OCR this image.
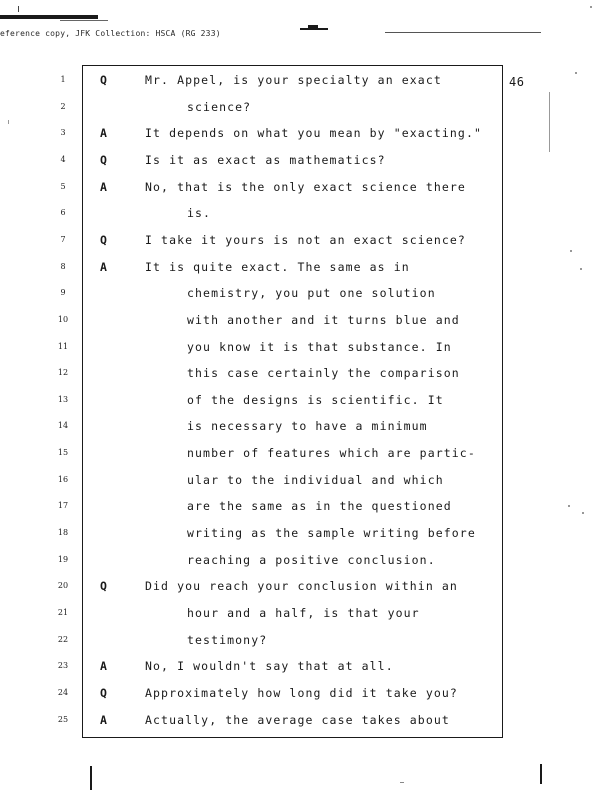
eference copy, JFK Collection: HSCA (RG 233)
46
1	Q	Mr. Appel, is your specialty an exact
2	science?
3	A	It depends on what you mean by "exacting."
4	Q	Is it as exact as mathematics?
5	A	No, that is the only exact science there
6	is.
7	Q	I take it yours is not an exact science?
8	A	It is quite exact. The same as in
9	chemistry, you put one solution
10	with another and it turns blue and
11	you know it is that substance. In
12	this case certainly the comparison
13	of the designs is scientific. It
14	is necessary to have a minimum
15	number of features which are partic-
16	ular to the individual and which
17	are the same as in the questioned
18	writing as the sample writing before
19	reaching a positive conclusion.
20	Q	Did you reach your conclusion within an
21	hour and a half, is that your
22	testimony?
23	A	No, I wouldn't say that at all.
24	Q	Approximately how long did it take you?
25	A	Actually, the average case takes about
